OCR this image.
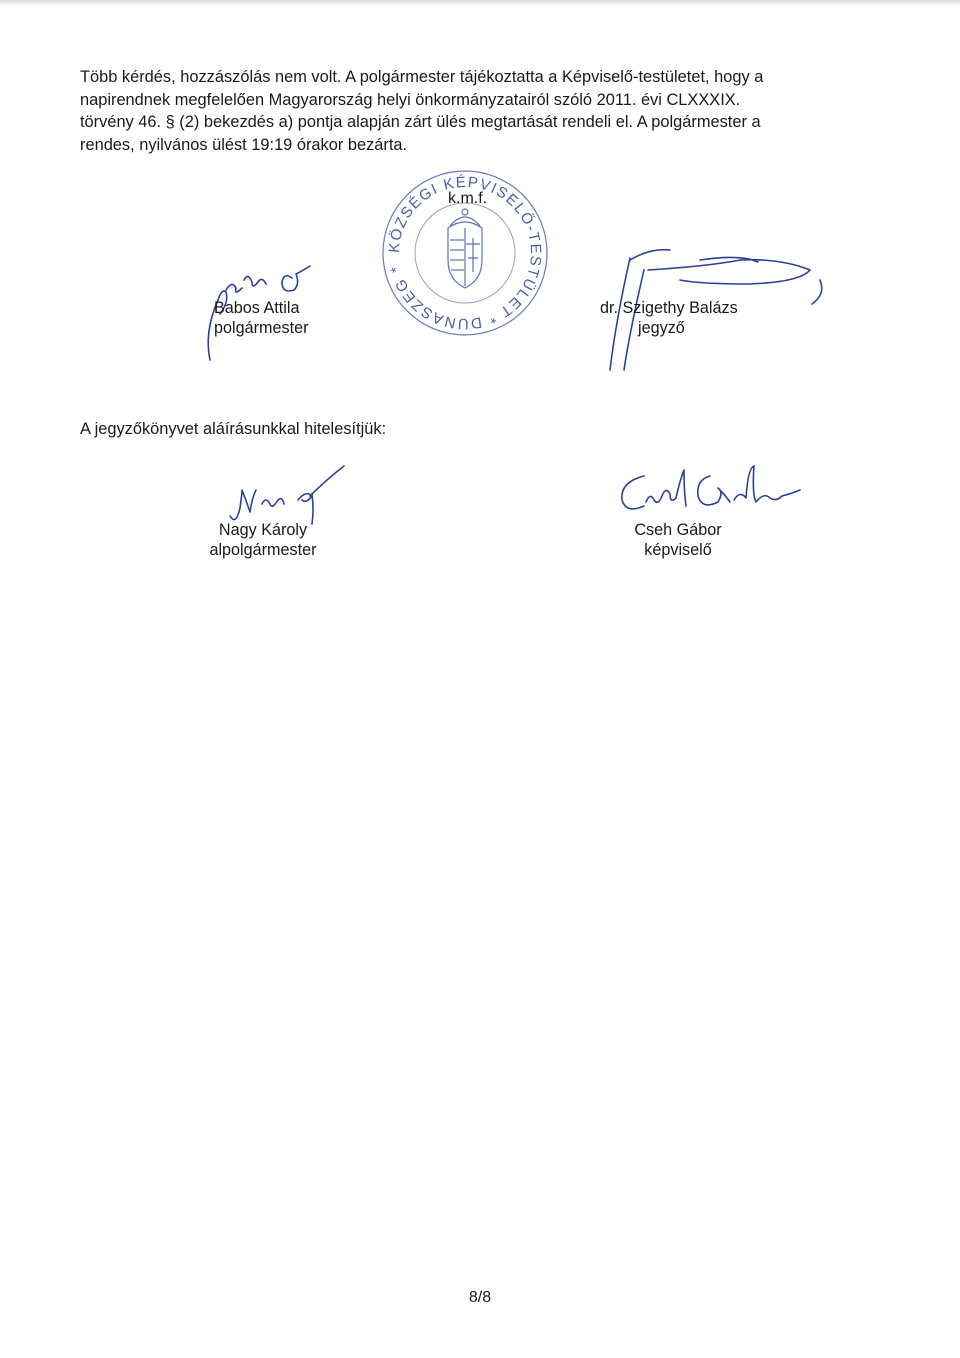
Több kérdés, hozzászólás nem volt. A polgármester tájékoztatta a Képviselő-testületet, hogy a
napirendnek megfelelően Magyarország helyi önkormányzatairól szóló 2011. évi CLXXXIX.
törvény 46. § (2) bekezdés a) pontja alapján zárt ülés megtartását rendeli el. A polgármester a
rendes, nyilvános ülést 19:19 órakor bezárta.
KÖZSÉGI KÉPVISELŐ-TESTÜLET * DUNASZEG *
k.m.f.
Babos Attila
polgármester
dr. Szigethy Balázs
jegyző
A jegyzőkönyvet aláírásunkkal hitelesítjük:
Nagy Károly
alpolgármester
Cseh Gábor
képviselő
8/8
